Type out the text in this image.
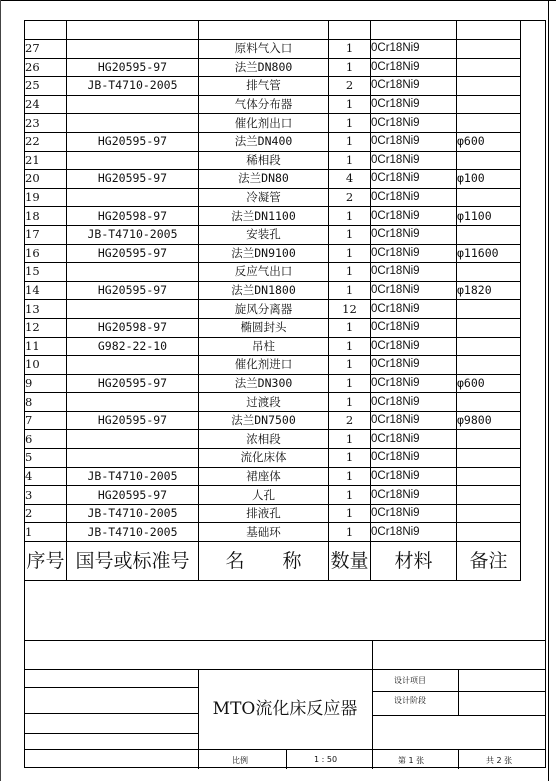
27		原料气入口	1	0Cr18Ni9	
26	HG20595-97	法兰DN800	1	0Cr18Ni9	
25	JB-T4710-2005	排气管	2	0Cr18Ni9	
24		气体分布器	1	0Cr18Ni9	
23		催化剂出口	1	0Cr18Ni9	
22	HG20595-97	法兰DN400	1	0Cr18Ni9	φ600
21		稀相段	1	0Cr18Ni9	
20	HG20595-97	法兰DN80	4	0Cr18Ni9	φ100
19		冷凝管	2	0Cr18Ni9	
18	HG20598-97	法兰DN1100	1	0Cr18Ni9	φ1100
17	JB-T4710-2005	安装孔	1	0Cr18Ni9	
16	HG20595-97	法兰DN9100	1	0Cr18Ni9	φ11600
15		反应气出口	1	0Cr18Ni9	
14	HG20595-97	法兰DN1800	1	0Cr18Ni9	φ1820
13		旋风分离器	12	0Cr18Ni9	
12	HG20598-97	椭圆封头	1	0Cr18Ni9	
11	G982-22-10	吊柱	1	0Cr18Ni9	
10		催化剂进口	1	0Cr18Ni9	
9	HG20595-97	法兰DN300	1	0Cr18Ni9	φ600
8		过渡段	1	0Cr18Ni9	
7	HG20595-97	法兰DN7500	2	0Cr18Ni9	φ9800
6		浓相段	1	0Cr18Ni9	
5		流化床体	1	0Cr18Ni9	
4	JB-T4710-2005	裙座体	1	0Cr18Ni9	
3	HG20595-97	人孔	1	0Cr18Ni9	
2	JB-T4710-2005	排液孔	1	0Cr18Ni9	
1	JB-T4710-2005	基础环	1	0Cr18Ni9	
序号	国号或标准号	名　　称	数量	材料	备注
MTO流化床反应器
设计项目
设计阶段
比例	1 : 50	第 1 张	共 2 张
